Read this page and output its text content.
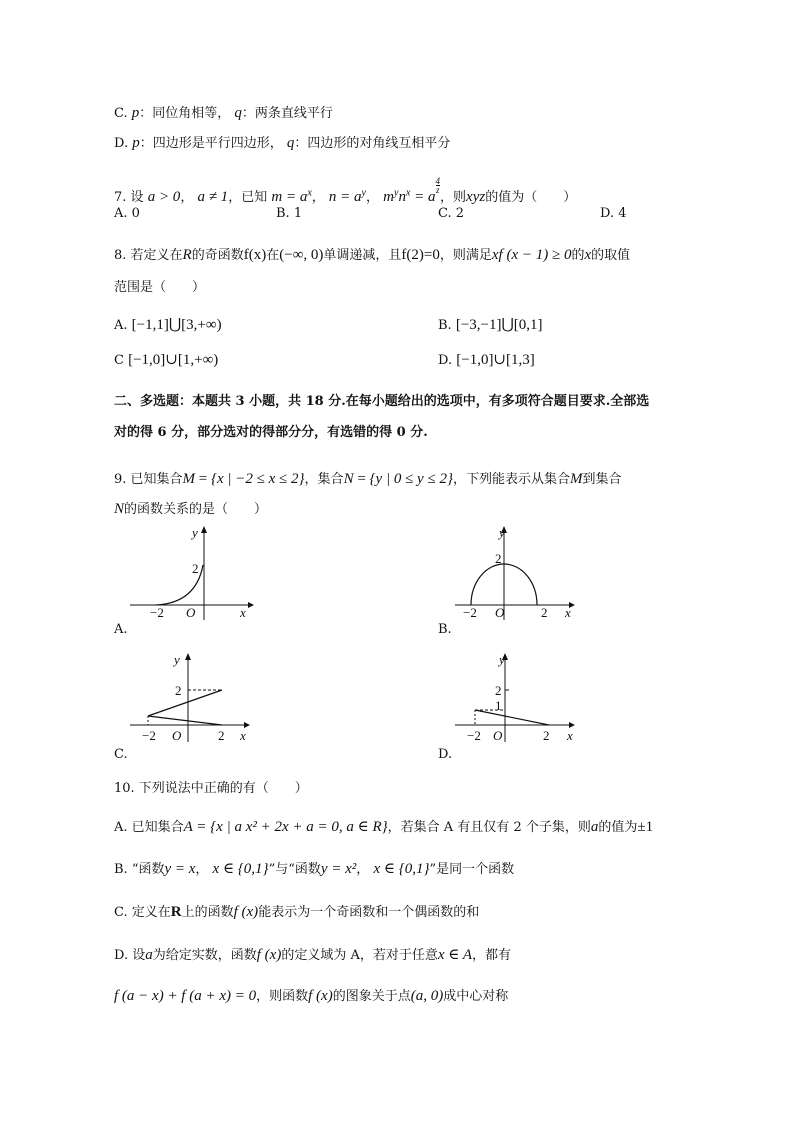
C. p：同位角相等， q：两条直线平行
D. p：四边形是平行四边形， q：四边形的对角线互相平分
7. 设 a > 0， a ≠ 1，已知 $m = a^x$， $n = a^y$， $m^yn^x = a$
$\frac{4}{z}$
，则xyz的值为（　　）
A. 0	B. 1	C. 2	D. 4
8. 若定义在R的奇函数f(x)在(−∞, 0)单调递减，且f(2)=0，则满足xf (x − 1) ≥ 0的x的取值
范围是（　　）
A. [−1,1]⋃[3,+∞)	B. [−3,−1]⋃[0,1]
C [−1,0]∪[1,+∞)	D. [−1,0]∪[1,3]
二、多选题：本题共 3 小题，共 18 分.在每小题给出的选项中，有多项符合题目要求.全部选
对的得 6 分，部分选对的得部分分，有选错的得 0 分.
9. 已知集合M = {x | −2 ≤ x ≤ 2}，集合N = {y | 0 ≤ y ≤ 2}，下列能表示从集合M到集合
N的函数关系的是（　　）
y
2
−2 O	x
A.
y
2
−2 O	2 x
B.
y
2
−2 O	2 x
C.
y
2
1
−2 O	2 x
D.
10. 下列说法中正确的有（　　）
A. 已知集合A = {x | a x² + 2x + a = 0, a ∈ R}，若集合 A 有且仅有 2 个子集，则a的值为±1
B. “函数y = x， x ∈ {0,1}”与“函数y = x²， x ∈ {0,1}”是同一个函数
C. 定义在R上的函数f (x)能表示为一个奇函数和一个偶函数的和
D. 设a为给定实数，函数f (x)的定义域为 A，若对于任意x ∈ A，都有
f (a − x) + f (a + x) = 0，则函数f (x)的图象关于点(a, 0)成中心对称
